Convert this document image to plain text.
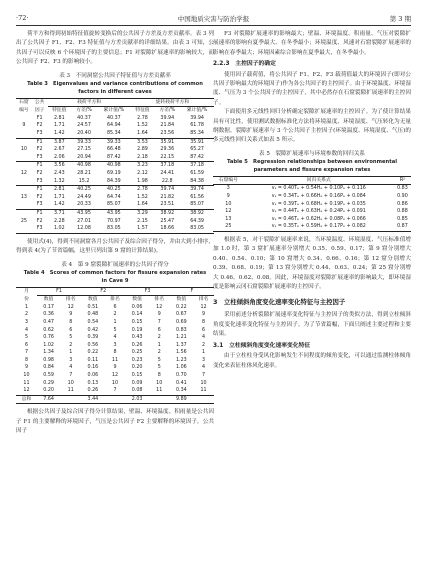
·72·	中国地质灾害与防治学报	第 3 期

荷平方和得到初始特征值旋转变换后的公共因子方差及方差贡献率。表 3 列出了公共因子 F1、F2、F3 特征值与方差贡献率的详细结果。由表 3 可知，公共因子可以反映 6 个环境因子的主要信息；F1 对裂隙扩展速率的影响较大，而公共因子 F2、F3 的影响较小。

表 3　不同洞窟公共因子特征值与方差贡献率
Table 3　Eigenvalues and variance contributions of common
factors in different caves
石窟
编号	公共
因子	载荷平方和			旋转载荷平方和		
		特征值	方差/%	累计值/%	特征值	方差/%	累计值/%
	F1	2.81	40.37	40.37	2.78	39.94	39.94
9	F2	1.71	24.57	64.94	1.52	21.84	61.78
	F3	1.42	20.40	85.34	1.64	23.56	85.34
	F1	3.87	39.33	39.33	3.53	35.91	35.91
10	F2	2.67	27.15	66.48	2.89	29.36	65.27
	F3	2.06	20.94	87.42	2.18	22.15	87.42
	F1	3.56	40.98	40.98	3.23	37.18	37.18
12	F2	2.43	28.21	69.19	2.12	24.41	61.59
	F3	1.32	15.2	84.39	1.98	22.8	84.38
	F1	2.81	40.25	40.25	2.78	39.74	39.74
13	F2	1.71	24.49	64.74	1.52	21.82	61.56
	F3	1.42	20.33	85.07	1.64	23.51	85.07
	F1	3.71	43.95	43.95	3.29	38.92	38.92
25	F2	2.28	27.01	70.97	2.15	25.47	64.39
	F3	1.02	12.08	83.05	1.57	18.66	83.05

使用式(4)，得到不同洞窟各月公共因子及综合因子得分，并由大到小排序，得到表 4(为了节省篇幅，这里只列出第 9 窟的计算结果)。

表 4　第 9 窟裂隙扩展速率的公共因子得分
Table 4　Scores of common factors for fissure expansion rates
in Cave 9
月
份	F1		F2		F3		F	
	数值	排名	数值	排名	数值	排名	数值	排名
1	0.17	12	0.51	6	0.06	12	0.22	12
2	0.36	9	0.48	2	0.14	9	0.67	9
3	0.47	8	0.54	1	0.15	7	0.69	8
4	0.62	6	0.42	5	0.19	6	0.83	6
5	0.76	5	0.39	4	0.43	2	1.21	4
6	1.02	2	0.56	3	0.26	1	1.37	2
7	1.34	1	0.22	8	0.25	2	1.56	1
8	0.98	3	0.11	11	0.23	5	1.23	3
9	0.84	4	0.16	9	0.20	5	1.06	4
10	0.59	7	0.06	12	0.15	8	0.70	7
11	0.29	10	0.13	10	0.09	10	0.41	10
12	0.20	11	0.26	7	0.08	11	0.34	11
总和	7.64		3.44		2.03		9.89	

根据公共因子及综合因子得分计算结果，壁温、环境温度、积雨量是公共因子 F1 的主要解释的环境因子，气压是公共因子 F2 主要解释的环境因子，公共因子

F3 对裂隙扩展速率的影响最大；壁温、环境温度、积雨量、气压对裂隙扩展速率的影响有夏季最大、在冬季最小；环境温度、风速对石窟裂隙扩展速率的影响在春季最大；环境因素综合影响在夏季最大，在冬季最小。

2.2.3　主控因子的确定

使用因子载荷值，将公共因子 F1、F2、F3 载荷值最大的环境因子(即对公共因子影响最大的环境因子)作为各公共因子的主控因子。由于环境温度、环境湿度、气压为 3 个公共因子的主控因子，其中必然存在石窟裂隙扩展速率的主控因子。

下面使用多元线性回归分析确定裂隙扩展速率的主控因子。为了使计算结果具有可比性，使用测试数据标准化方法将环境温度、环境湿度、气压转化为无量纲数据。裂隙扩展速率与 3 个公共因子主控因子(环境温度、环境湿度、气压)的多元线性回归关系式如表 5 所示。

表 5　裂隙扩展速率与环境参数的回归关系
Table 5　Regression relationships between environmental
parameters and fissure expansion rates
石窟编号	回归关系式	R²
3	vₛ = 0.40Tₑ + 0.54Hₑ + 0.10Pₑ + 0.116	0.83
9	vₛ = 0.34Tₑ + 0.66Hₑ + 0.16Pₑ + 0.084	0.90
10	vₛ = 0.39Tₑ + 0.68Hₑ + 0.19Pₑ + 0.035	0.86
12	vₛ = 0.44Tₑ + 0.63Hₑ + 0.24Pₑ + 0.091	0.88
13	vₛ = 0.46Tₑ + 0.62Hₑ + 0.08Pₑ + 0.066	0.85
25	vₛ = 0.35Tₑ + 0.59Hₑ + 0.17Pₑ + 0.082	0.87

根据表 5，对于裂隙扩展速率来说，当环境温度、环境湿度、气压标准值增加 1.0 时，第 3 窟扩展速率分别增大 0.35、0.59、0.17；第 9 窟分别增大 0.40、0.54、0.10；第 10 窟增大 0.34、0.66、0.16；第 12 窟分别增大 0.39、0.68、0.19；第 13 窟分别增大 0.44、0.63、0.24；第 25 窟分别增大 0.46、0.62、0.08。因此，环境湿度对裂隙扩展速率的影响最大，即环境湿度是影响云冈石窟裂隙扩展速率的主控因子。

3　立柱倾斜角度变化速率变化特征与主控因子

采用前述分析裂隙扩展速率变化特征与主控因子的类似方法，得到立柱倾斜角度变化速率变化特征与主控因子。为了节省篇幅，下面只阐述主要过程和主要结果。

3.1　立柱倾斜角度变化速率变化特征

由于立柱柱身受风化影响发生不同程度的倾角变化，可以通过监测柱体倾角变化来表征柱体风化速率。
